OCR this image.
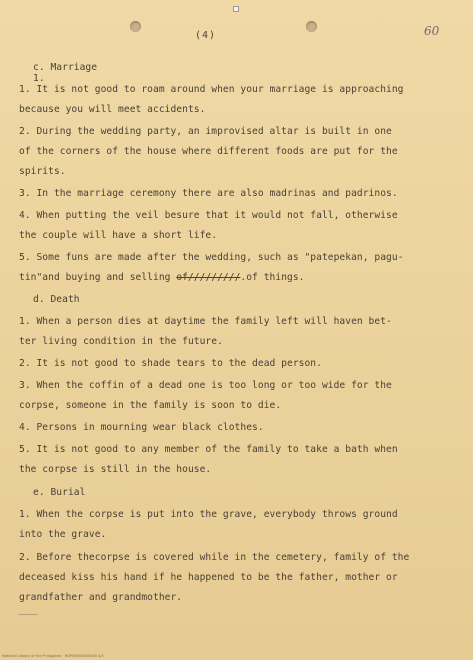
(4)	60
c. Marriage
1.
1. It is not good to roam around when your marriage is approaching
because you will meet accidents.
2. During the wedding party, an improvised altar is built in one
of the corners of the house where different foods are put for the
spirits.
3. In the marriage ceremony there are also madrinas and padrinos.
4. When putting the veil besure that it would not fall, otherwise
the couple will have a short life.
5. Some funs are made after the wedding, such as "patepekan, pagu-
tin"and buying and selling of/////////.of things.
d. Death
1. When a person dies at daytime the family left will haven bet-
ter living condition in the future.
2. It is not good to shade tears to the dead person.
3. When the coffin of a dead one is too long or too wide for the
corpse, someone in the family is soon to die.
4. Persons in mourning wear black clothes.
5. It is not good to any member of the family to take a bath when
the corpse is still in the house.
e. Burial
1. When the corpse is put into the grave, everybody throws ground
into the grave.
2. Before thecorpse is covered while in the cemetery, family of the
deceased kiss his hand if he happened to be the father, mother or
grandfather and grandmother.
National Library of the Philippines · HDPH0000000000 4/4
